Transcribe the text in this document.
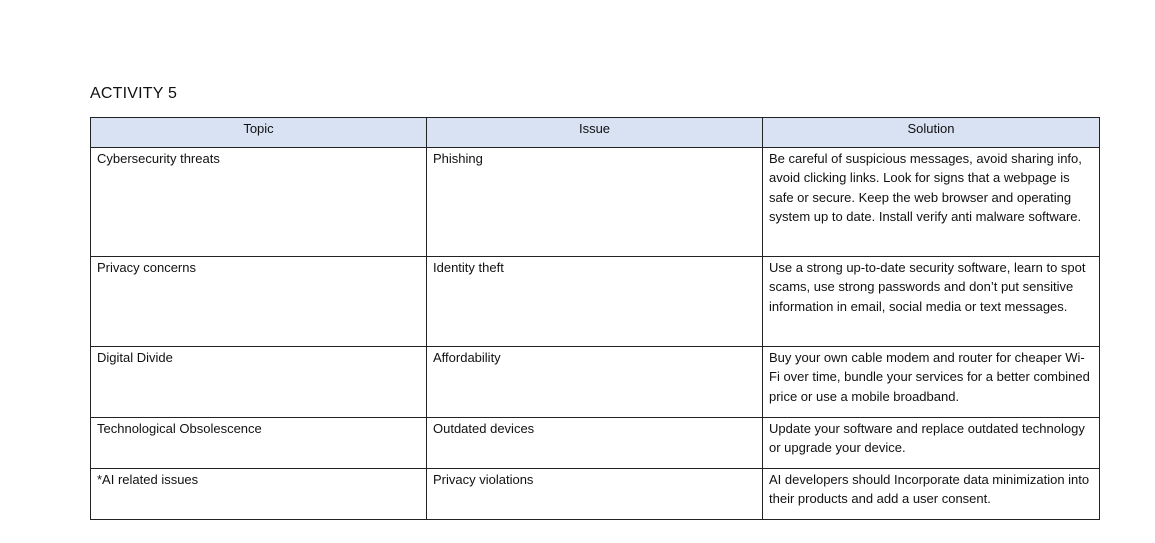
ACTIVITY 5
Topic	Issue	Solution
Cybersecurity threats	Phishing	Be careful of suspicious messages, avoid sharing info, avoid clicking links. Look for signs that a webpage is safe or secure. Keep the web browser and operating system up to date. Install verify anti malware software.
Privacy concerns	Identity theft	Use a strong up-to-date security software, learn to spot scams, use strong passwords and don’t put sensitive information in email, social media or text messages.
Digital Divide	Affordability	Buy your own cable modem and router for cheaper Wi-Fi over time, bundle your services for a better combined price or use a mobile broadband.
Technological Obsolescence	Outdated devices	Update your software and replace outdated technology or upgrade your device.
*AI related issues	Privacy violations	AI developers should Incorporate data minimization into their products and add a user consent.
